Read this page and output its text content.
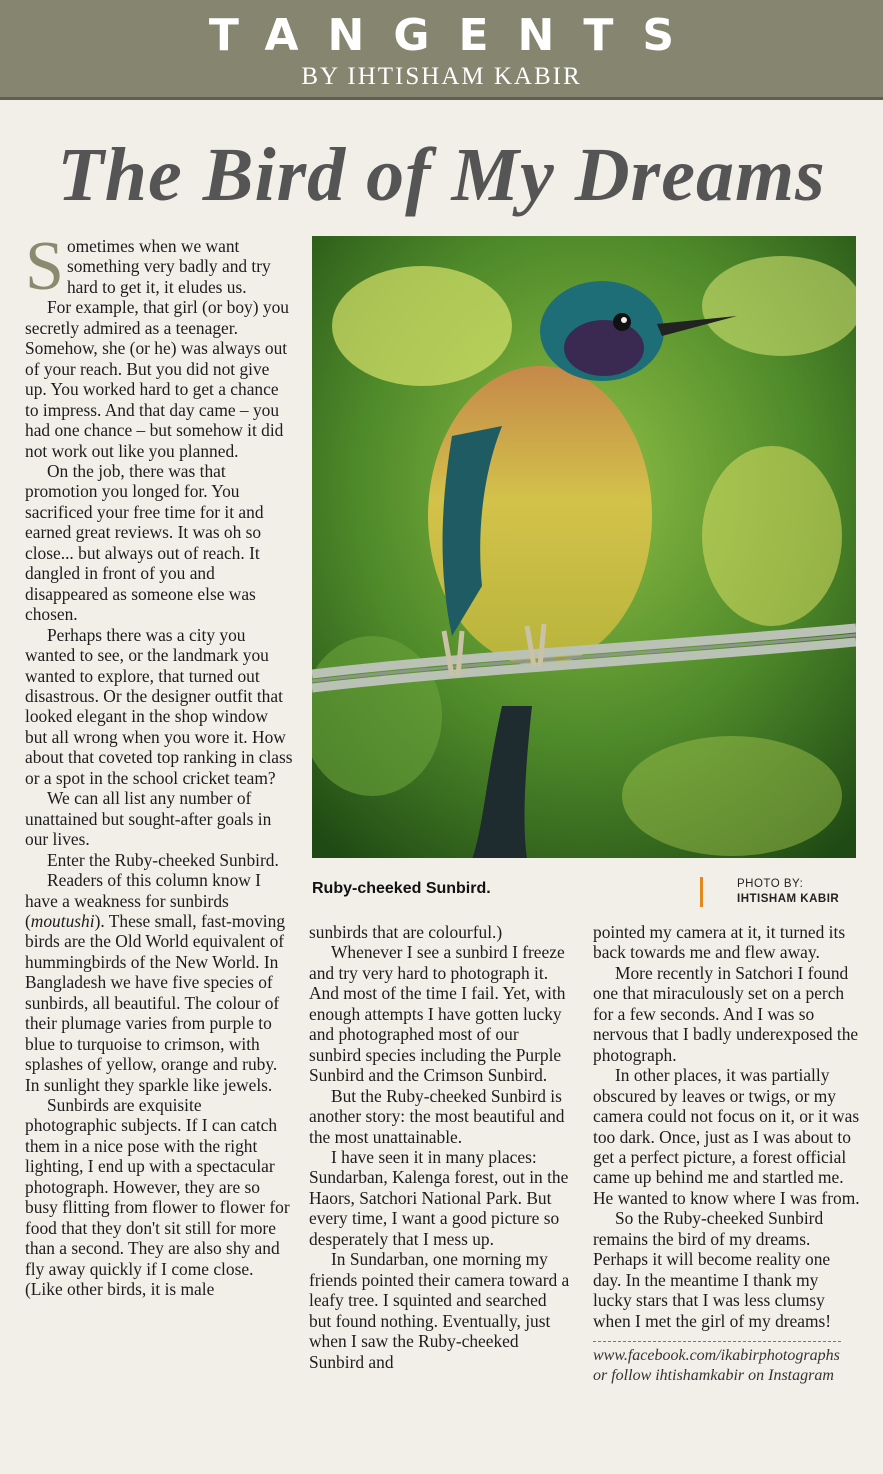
TANGENTS
BY IHTISHAM KABIR
The Bird of My Dreams

Sometimes when we want something very badly and try hard to get it, it eludes us.

For example, that girl (or boy) you secretly admired as a teenager. Somehow, she (or he) was always out of your reach. But you did not give up. You worked hard to get a chance to impress. And that day came – you had one chance – but somehow it did not work out like you planned.

On the job, there was that promotion you longed for. You sacrificed your free time for it and earned great reviews. It was oh so close... but always out of reach. It dangled in front of you and disappeared as someone else was chosen.

Perhaps there was a city you wanted to see, or the landmark you wanted to explore, that turned out disastrous. Or the designer outfit that looked elegant in the shop window but all wrong when you wore it. How about that coveted top ranking in class or a spot in the school cricket team?

We can all list any number of unattained but sought-after goals in our lives.

Enter the Ruby-cheeked Sunbird.

Readers of this column know I have a weakness for sunbirds (moutushi). These small, fast-moving birds are the Old World equivalent of hummingbirds of the New World. In Bangladesh we have five species of sunbirds, all beautiful. The colour of their plumage varies from purple to blue to turquoise to crimson, with splashes of yellow, orange and ruby. In sunlight they sparkle like jewels.

Sunbirds are exquisite photographic subjects. If I can catch them in a nice pose with the right lighting, I end up with a spectacular photograph. However, they are so busy flitting from flower to flower for food that they don't sit still for more than a second. They are also shy and fly away quickly if I come close. (Like other birds, it is male

Ruby-cheeked Sunbird.	PHOTO BY:
IHTISHAM KABIR

sunbirds that are colourful.)

Whenever I see a sunbird I freeze and try very hard to photograph it. And most of the time I fail. Yet, with enough attempts I have gotten lucky and photographed most of our sunbird species including the Purple Sunbird and the Crimson Sunbird.

But the Ruby-cheeked Sunbird is another story: the most beautiful and the most unattainable.

I have seen it in many places: Sundarban, Kalenga forest, out in the Haors, Satchori National Park. But every time, I want a good picture so desperately that I mess up.

In Sundarban, one morning my friends pointed their camera toward a leafy tree. I squinted and searched but found nothing. Eventually, just when I saw the Ruby-cheeked Sunbird and

pointed my camera at it, it turned its back towards me and flew away.

More recently in Satchori I found one that miraculously set on a perch for a few seconds. And I was so nervous that I badly underexposed the photograph.

In other places, it was partially obscured by leaves or twigs, or my camera could not focus on it, or it was too dark. Once, just as I was about to get a perfect picture, a forest official came up behind me and startled me. He wanted to know where I was from.

So the Ruby-cheeked Sunbird remains the bird of my dreams. Perhaps it will become reality one day. In the meantime I thank my lucky stars that I was less clumsy when I met the girl of my dreams!

www.facebook.com/ikabirphotographs
or follow ihtishamkabir on Instagram
